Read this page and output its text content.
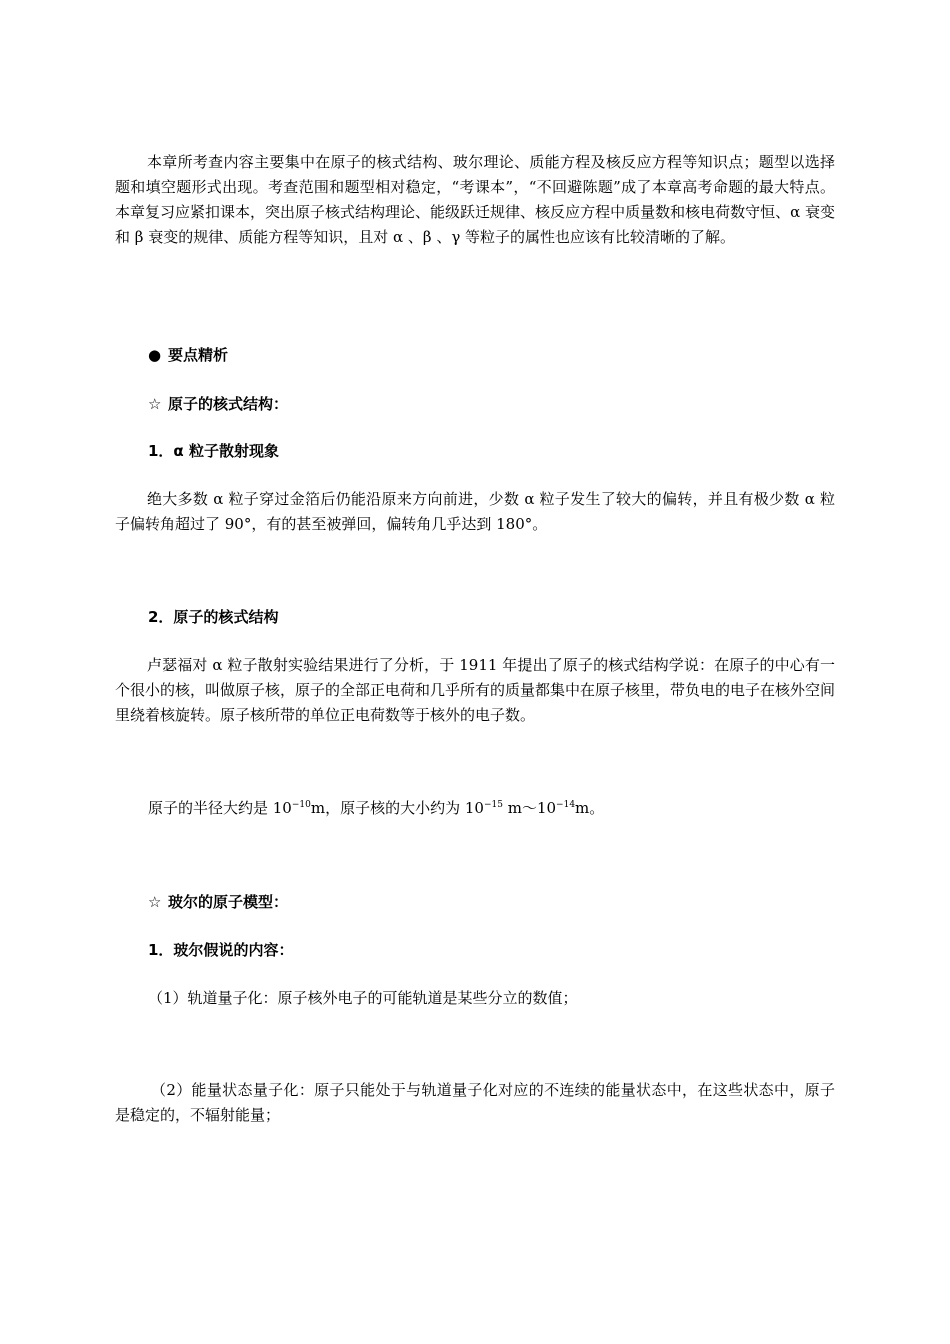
本章所考查内容主要集中在原子的核式结构、玻尔理论、质能方程及核反应方程等知识点；题型以选择题和填空题形式出现。考查范围和题型相对稳定，“考课本”，“不回避陈题”成了本章高考命题的最大特点。本章复习应紧扣课本，突出原子核式结构理论、能级跃迁规律、核反应方程中质量数和核电荷数守恒、α 衰变和 β 衰变的规律、质能方程等知识，且对 α 、β 、γ 等粒子的属性也应该有比较清晰的了解。

● 要点精析

☆ 原子的核式结构：

1．α 粒子散射现象

绝大多数 α 粒子穿过金箔后仍能沿原来方向前进，少数 α 粒子发生了较大的偏转，并且有极少数 α 粒子偏转角超过了 90°，有的甚至被弹回，偏转角几乎达到 180°。

2．原子的核式结构

卢瑟福对 α 粒子散射实验结果进行了分析，于 1911 年提出了原子的核式结构学说：在原子的中心有一个很小的核，叫做原子核，原子的全部正电荷和几乎所有的质量都集中在原子核里，带负电的电子在核外空间里绕着核旋转。原子核所带的单位正电荷数等于核外的电子数。

原子的半径大约是 $10^{-10}m$，原子核的大小约为 $10^{-15}$ $m\sim 10^{-14}m$。

☆ 玻尔的原子模型：

1．玻尔假说的内容：

（1）轨道量子化：原子核外电子的可能轨道是某些分立的数值；

（2）能量状态量子化：原子只能处于与轨道量子化对应的不连续的能量状态中，在这些状态中，原子是稳定的，不辐射能量；
